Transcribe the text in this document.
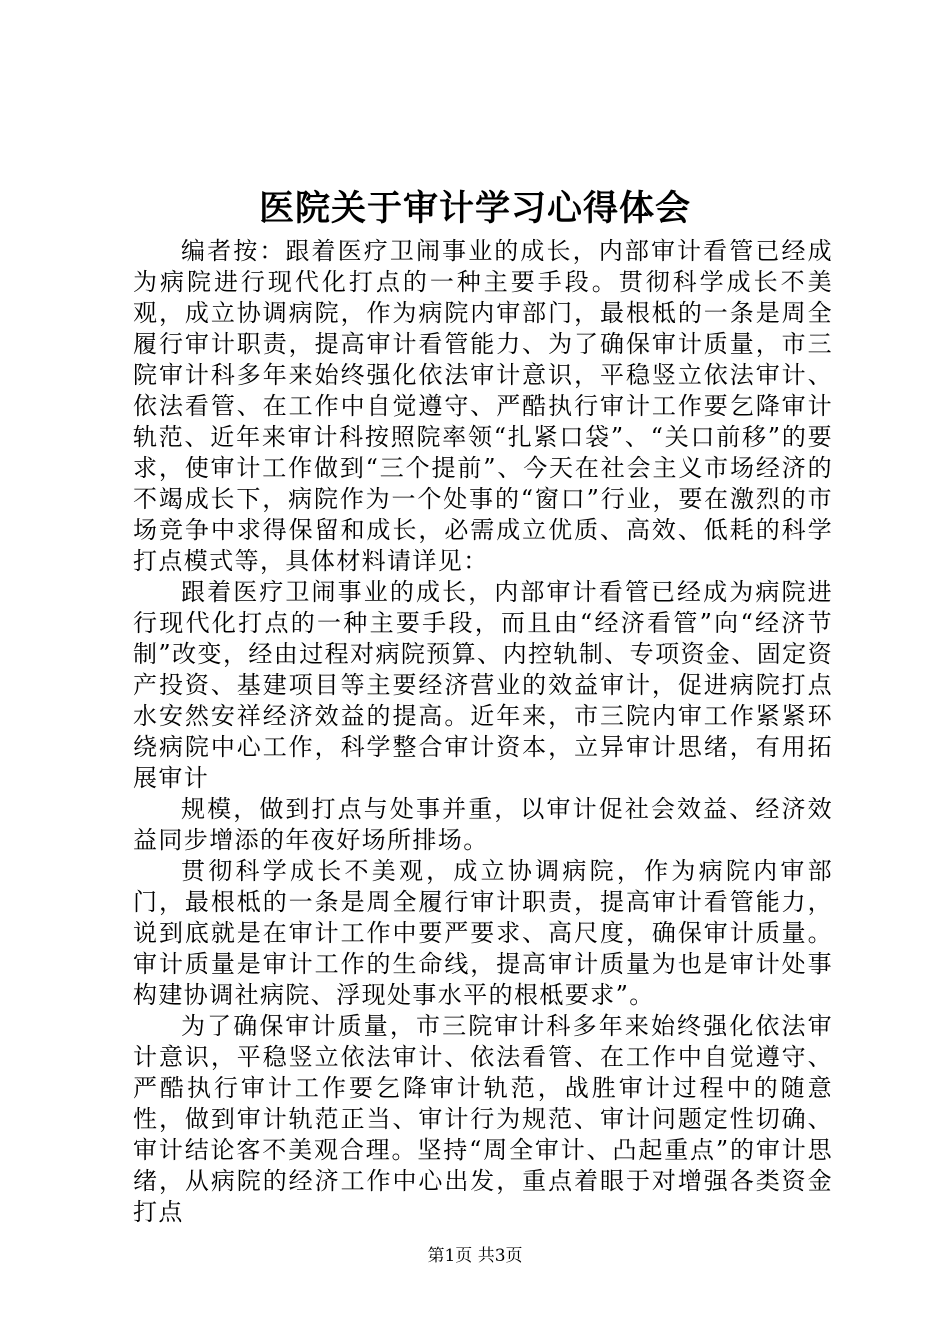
医院关于审计学习心得体会

编者按：跟着医疗卫闹事业的成长，内部审计看管已经成为病院进行现代化打点的一种主要手段。贯彻科学成长不美观，成立协调病院，作为病院内审部门，最根柢的一条是周全履行审计职责，提高审计看管能力、为了确保审计质量，市三院审计科多年来始终强化依法审计意识，平稳竖立依法审计、依法看管、在工作中自觉遵守、严酷执行审计工作要乞降审计轨范、近年来审计科按照院率领“扎紧口袋”、“关口前移”的要求，使审计工作做到“三个提前”、今天在社会主义市场经济的不竭成长下，病院作为一个处事的“窗口”行业，要在激烈的市场竞争中求得保留和成长，必需成立优质、高效、低耗的科学打点模式等，具体材料请详见：

跟着医疗卫闹事业的成长，内部审计看管已经成为病院进行现代化打点的一种主要手段，而且由“经济看管”向“经济节制”改变，经由过程对病院预算、内控轨制、专项资金、固定资产投资、基建项目等主要经济营业的效益审计，促进病院打点水安然安祥经济效益的提高。近年来，市三院内审工作紧紧环绕病院中心工作，科学整合审计资本，立异审计思绪，有用拓展审计

规模，做到打点与处事并重，以审计促社会效益、经济效益同步增添的年夜好场所排场。

贯彻科学成长不美观，成立协调病院，作为病院内审部门，最根柢的一条是周全履行审计职责，提高审计看管能力，说到底就是在审计工作中要严要求、高尺度，确保审计质量。审计质量是审计工作的生命线，提高审计质量为也是审计处事构建协调社病院、浮现处事水平的根柢要求”。

为了确保审计质量，市三院审计科多年来始终强化依法审计意识，平稳竖立依法审计、依法看管、在工作中自觉遵守、严酷执行审计工作要乞降审计轨范，战胜审计过程中的随意性，做到审计轨范正当、审计行为规范、审计问题定性切确、审计结论客不美观合理。坚持“周全审计、凸起重点”的审计思绪，从病院的经济工作中心出发，重点着眼于对增强各类资金打点

第1页 共3页
